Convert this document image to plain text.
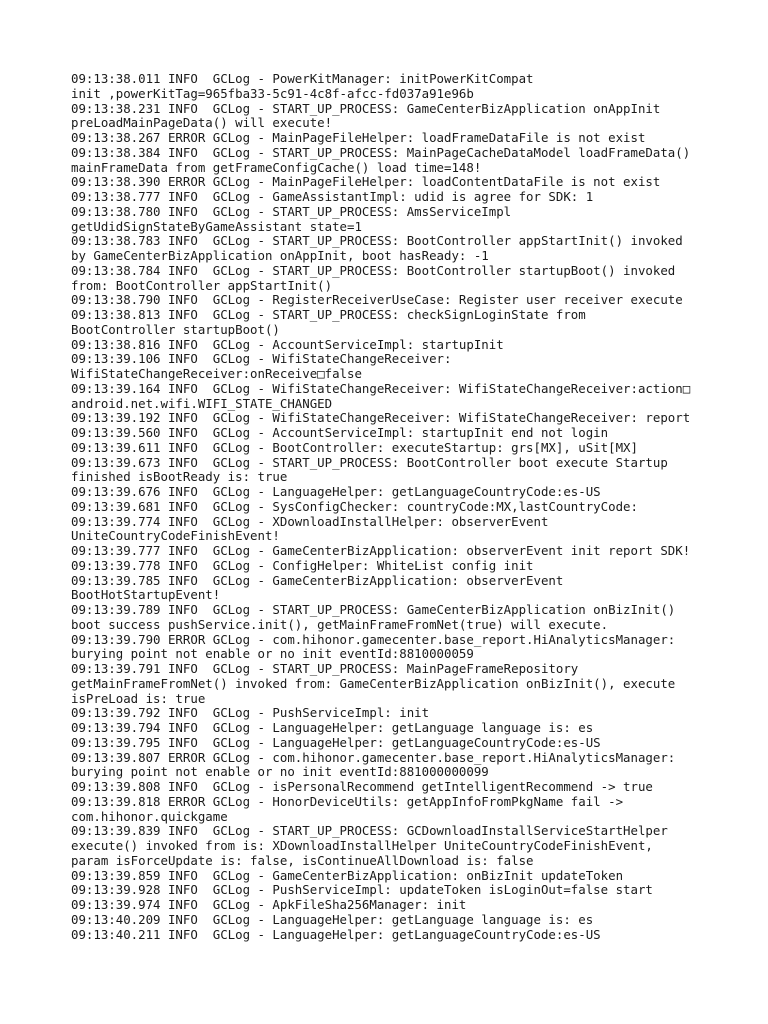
09:13:38.011 INFO  GCLog - PowerKitManager: initPowerKitCompat
init ,powerKitTag=965fba33-5c91-4c8f-afcc-fd037a91e96b
09:13:38.231 INFO  GCLog - START_UP_PROCESS: GameCenterBizApplication onAppInit
preLoadMainPageData() will execute!
09:13:38.267 ERROR GCLog - MainPageFileHelper: loadFrameDataFile is not exist
09:13:38.384 INFO  GCLog - START_UP_PROCESS: MainPageCacheDataModel loadFrameData()
mainFrameData from getFrameConfigCache() load time=148!
09:13:38.390 ERROR GCLog - MainPageFileHelper: loadContentDataFile is not exist
09:13:38.777 INFO  GCLog - GameAssistantImpl: udid is agree for SDK: 1
09:13:38.780 INFO  GCLog - START_UP_PROCESS: AmsServiceImpl
getUdidSignStateByGameAssistant state=1
09:13:38.783 INFO  GCLog - START_UP_PROCESS: BootController appStartInit() invoked
by GameCenterBizApplication onAppInit, boot hasReady: -1
09:13:38.784 INFO  GCLog - START_UP_PROCESS: BootController startupBoot() invoked
from: BootController appStartInit()
09:13:38.790 INFO  GCLog - RegisterReceiverUseCase: Register user receiver execute
09:13:38.813 INFO  GCLog - START_UP_PROCESS: checkSignLoginState from
BootController startupBoot()
09:13:38.816 INFO  GCLog - AccountServiceImpl: startupInit
09:13:39.106 INFO  GCLog - WifiStateChangeReceiver:
WifiStateChangeReceiver:onReceive□false
09:13:39.164 INFO  GCLog - WifiStateChangeReceiver: WifiStateChangeReceiver:action□
android.net.wifi.WIFI_STATE_CHANGED
09:13:39.192 INFO  GCLog - WifiStateChangeReceiver: WifiStateChangeReceiver: report
09:13:39.560 INFO  GCLog - AccountServiceImpl: startupInit end not login
09:13:39.611 INFO  GCLog - BootController: executeStartup: grs[MX], uSit[MX]
09:13:39.673 INFO  GCLog - START_UP_PROCESS: BootController boot execute Startup
finished isBootReady is: true
09:13:39.676 INFO  GCLog - LanguageHelper: getLanguageCountryCode:es-US
09:13:39.681 INFO  GCLog - SysConfigChecker: countryCode:MX,lastCountryCode:
09:13:39.774 INFO  GCLog - XDownloadInstallHelper: observerEvent
UniteCountryCodeFinishEvent!
09:13:39.777 INFO  GCLog - GameCenterBizApplication: observerEvent init report SDK!
09:13:39.778 INFO  GCLog - ConfigHelper: WhiteList config init
09:13:39.785 INFO  GCLog - GameCenterBizApplication: observerEvent
BootHotStartupEvent!
09:13:39.789 INFO  GCLog - START_UP_PROCESS: GameCenterBizApplication onBizInit()
boot success pushService.init(), getMainFrameFromNet(true) will execute.
09:13:39.790 ERROR GCLog - com.hihonor.gamecenter.base_report.HiAnalyticsManager:
burying point not enable or no init eventId:8810000059
09:13:39.791 INFO  GCLog - START_UP_PROCESS: MainPageFrameRepository
getMainFrameFromNet() invoked from: GameCenterBizApplication onBizInit(), execute
isPreLoad is: true
09:13:39.792 INFO  GCLog - PushServiceImpl: init
09:13:39.794 INFO  GCLog - LanguageHelper: getLanguage language is: es
09:13:39.795 INFO  GCLog - LanguageHelper: getLanguageCountryCode:es-US
09:13:39.807 ERROR GCLog - com.hihonor.gamecenter.base_report.HiAnalyticsManager:
burying point not enable or no init eventId:881000000099
09:13:39.808 INFO  GCLog - isPersonalRecommend getIntelligentRecommend -> true
09:13:39.818 ERROR GCLog - HonorDeviceUtils: getAppInfoFromPkgName fail ->
com.hihonor.quickgame
09:13:39.839 INFO  GCLog - START_UP_PROCESS: GCDownloadInstallServiceStartHelper
execute() invoked from is: XDownloadInstallHelper UniteCountryCodeFinishEvent,
param isForceUpdate is: false, isContinueAllDownload is: false
09:13:39.859 INFO  GCLog - GameCenterBizApplication: onBizInit updateToken
09:13:39.928 INFO  GCLog - PushServiceImpl: updateToken isLoginOut=false start
09:13:39.974 INFO  GCLog - ApkFileSha256Manager: init
09:13:40.209 INFO  GCLog - LanguageHelper: getLanguage language is: es
09:13:40.211 INFO  GCLog - LanguageHelper: getLanguageCountryCode:es-US
